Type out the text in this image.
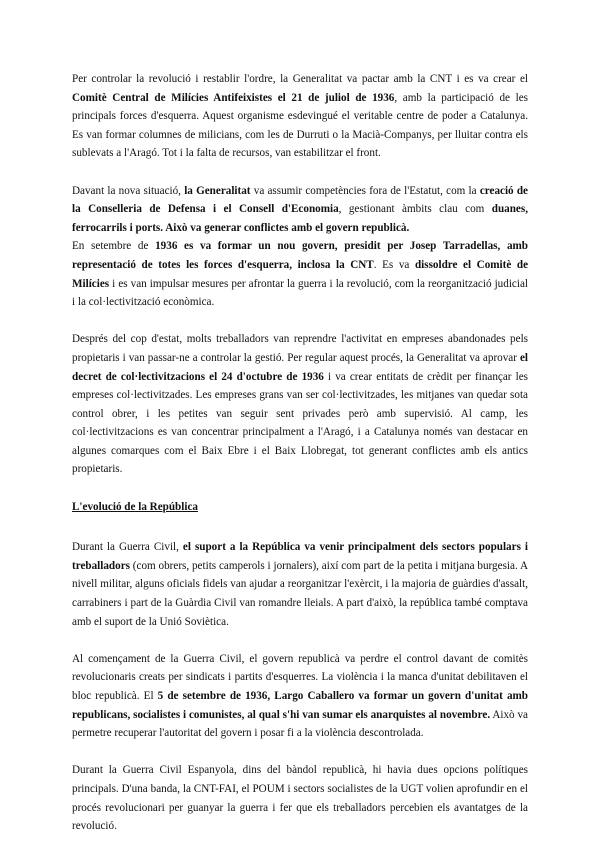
Per controlar la revolució i restablir l'ordre, la Generalitat va pactar amb la CNT i es va crear el Comitè Central de Milícies Antifeixistes el 21 de juliol de 1936, amb la participació de les principals forces d'esquerra. Aquest organisme esdevingué el veritable centre de poder a Catalunya. Es van formar columnes de milicians, com les de Durruti o la Macià-Companys, per lluitar contra els sublevats a l'Aragó. Tot i la falta de recursos, van estabilitzar el front.

Davant la nova situació, la Generalitat va assumir competències fora de l'Estatut, com la creació de la Conselleria de Defensa i el Consell d'Economia, gestionant àmbits clau com duanes, ferrocarrils i ports. Això va generar conflictes amb el govern republicà.

En setembre de 1936 es va formar un nou govern, presidit per Josep Tarradellas, amb representació de totes les forces d'esquerra, inclosa la CNT. Es va dissoldre el Comitè de Milícies i es van impulsar mesures per afrontar la guerra i la revolució, com la reorganització judicial i la col·lectivització econòmica.

Després del cop d'estat, molts treballadors van reprendre l'activitat en empreses abandonades pels propietaris i van passar-ne a controlar la gestió. Per regular aquest procés, la Generalitat va aprovar el decret de col·lectivitzacions el 24 d'octubre de 1936 i va crear entitats de crèdit per finançar les empreses col·lectivitzades. Les empreses grans van ser col·lectivitzades, les mitjanes van quedar sota control obrer, i les petites van seguir sent privades però amb supervisió. Al camp, les col·lectivitzacions es van concentrar principalment a l'Aragó, i a Catalunya només van destacar en algunes comarques com el Baix Ebre i el Baix Llobregat, tot generant conflictes amb els antics propietaris.

L'evolució de la República

Durant la Guerra Civil, el suport a la República va venir principalment dels sectors populars i treballadors (com obrers, petits camperols i jornalers), així com part de la petita i mitjana burgesia. A nivell militar, alguns oficials fidels van ajudar a reorganitzar l'exèrcit, i la majoria de guàrdies d'assalt, carrabiners i part de la Guàrdia Civil van romandre lleials. A part d'això, la república també comptava amb el suport de la Unió Soviètica.

Al començament de la Guerra Civil, el govern republicà va perdre el control davant de comitès revolucionaris creats per sindicats i partits d'esquerres. La violència i la manca d'unitat debilitaven el bloc republicà. El 5 de setembre de 1936, Largo Caballero va formar un govern d'unitat amb republicans, socialistes i comunistes, al qual s'hi van sumar els anarquistes al novembre. Això va permetre recuperar l'autoritat del govern i posar fi a la violència descontrolada.

Durant la Guerra Civil Espanyola, dins del bàndol republicà, hi havia dues opcions polítiques principals. D'una banda, la CNT-FAI, el POUM i sectors socialistes de la UGT volien aprofundir en el procés revolucionari per guanyar la guerra i fer que els treballadors percebien els avantatges de la revolució.
